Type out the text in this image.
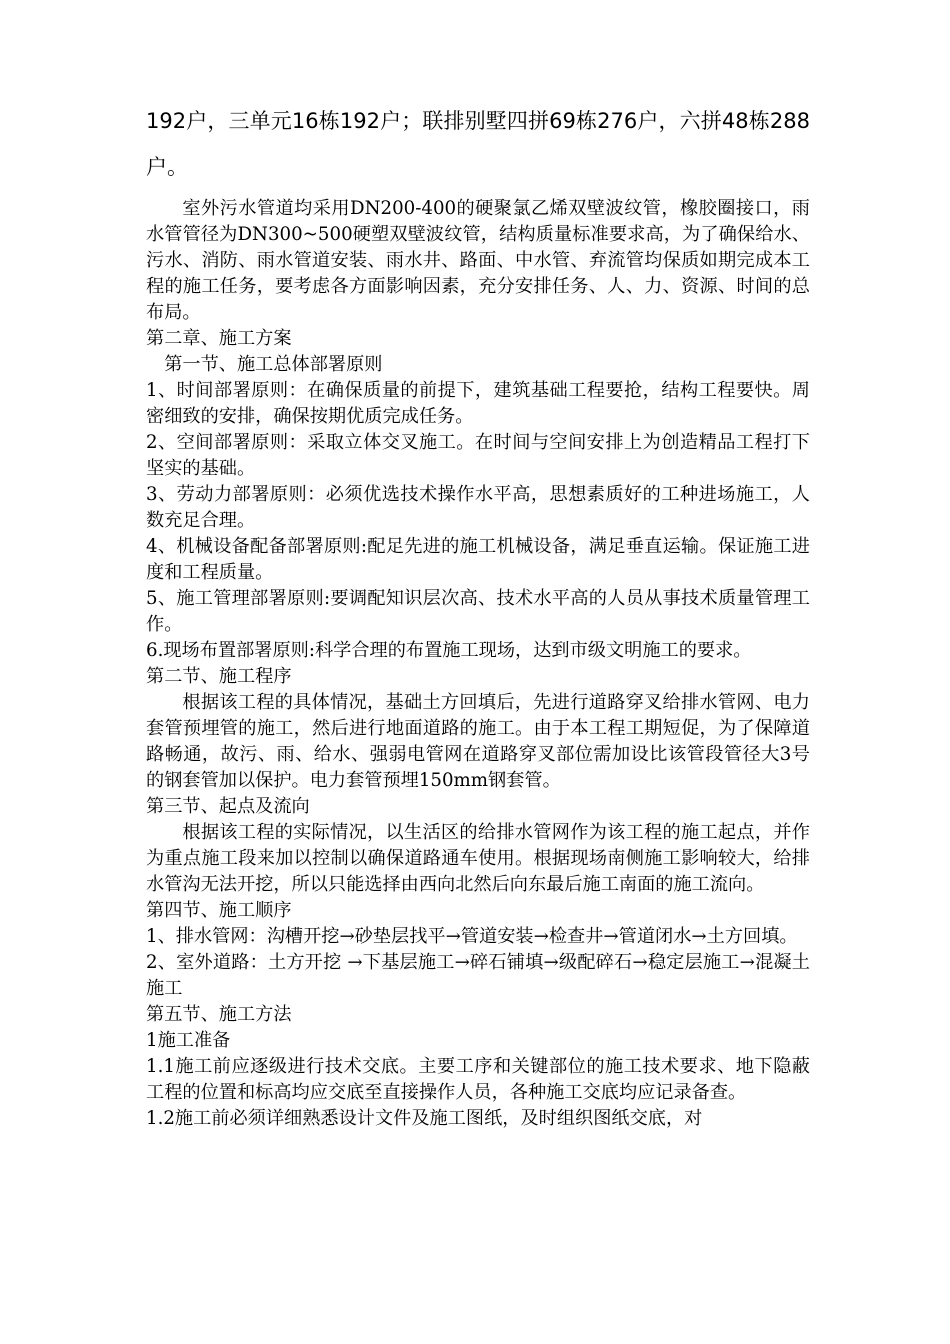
192户，三单元16栋192户；联排别墅四拼69栋276户，六拼48栋288户。

室外污水管道均采用DN200-400的硬聚氯乙烯双壁波纹管，橡胶圈接口，雨水管管径为DN300~500硬塑双壁波纹管，结构质量标准要求高，为了确保给水、污水、消防、雨水管道安装、雨水井、路面、中水管、弃流管均保质如期完成本工程的施工任务，要考虑各方面影响因素，充分安排任务、人、力、资源、时间的总布局。

第二章、施工方案

第一节、施工总体部署原则

1、时间部署原则：在确保质量的前提下，建筑基础工程要抢，结构工程要快。周密细致的安排，确保按期优质完成任务。

2、空间部署原则：采取立体交叉施工。在时间与空间安排上为创造精品工程打下坚实的基础。

3、劳动力部署原则：必须优选技术操作水平高，思想素质好的工种进场施工，人数充足合理。

4、机械设备配备部署原则:配足先进的施工机械设备，满足垂直运输。保证施工进度和工程质量。

5、施工管理部署原则:要调配知识层次高、技术水平高的人员从事技术质量管理工作。

6.现场布置部署原则:科学合理的布置施工现场，达到市级文明施工的要求。

第二节、施工程序

根据该工程的具体情况，基础土方回填后，先进行道路穿叉给排水管网、电力套管预埋管的施工，然后进行地面道路的施工。由于本工程工期短促，为了保障道路畅通，故污、雨、给水、强弱电管网在道路穿叉部位需加设比该管段管径大3号的钢套管加以保护。电力套管预埋150mm钢套管。

第三节、起点及流向

根据该工程的实际情况，以生活区的给排水管网作为该工程的施工起点，并作为重点施工段来加以控制以确保道路通车使用。根据现场南侧施工影响较大，给排水管沟无法开挖，所以只能选择由西向北然后向东最后施工南面的施工流向。

第四节、施工顺序

1、排水管网：沟槽开挖→砂垫层找平→管道安装→检查井→管道闭水→土方回填。

2、室外道路：土方开挖 →下基层施工→碎石铺填→级配碎石→稳定层施工→混凝土施工

第五节、施工方法

1施工准备

1.1施工前应逐级进行技术交底。主要工序和关键部位的施工技术要求、地下隐蔽工程的位置和标高均应交底至直接操作人员，各种施工交底均应记录备查。

1.2施工前必须详细熟悉设计文件及施工图纸，及时组织图纸交底，对
